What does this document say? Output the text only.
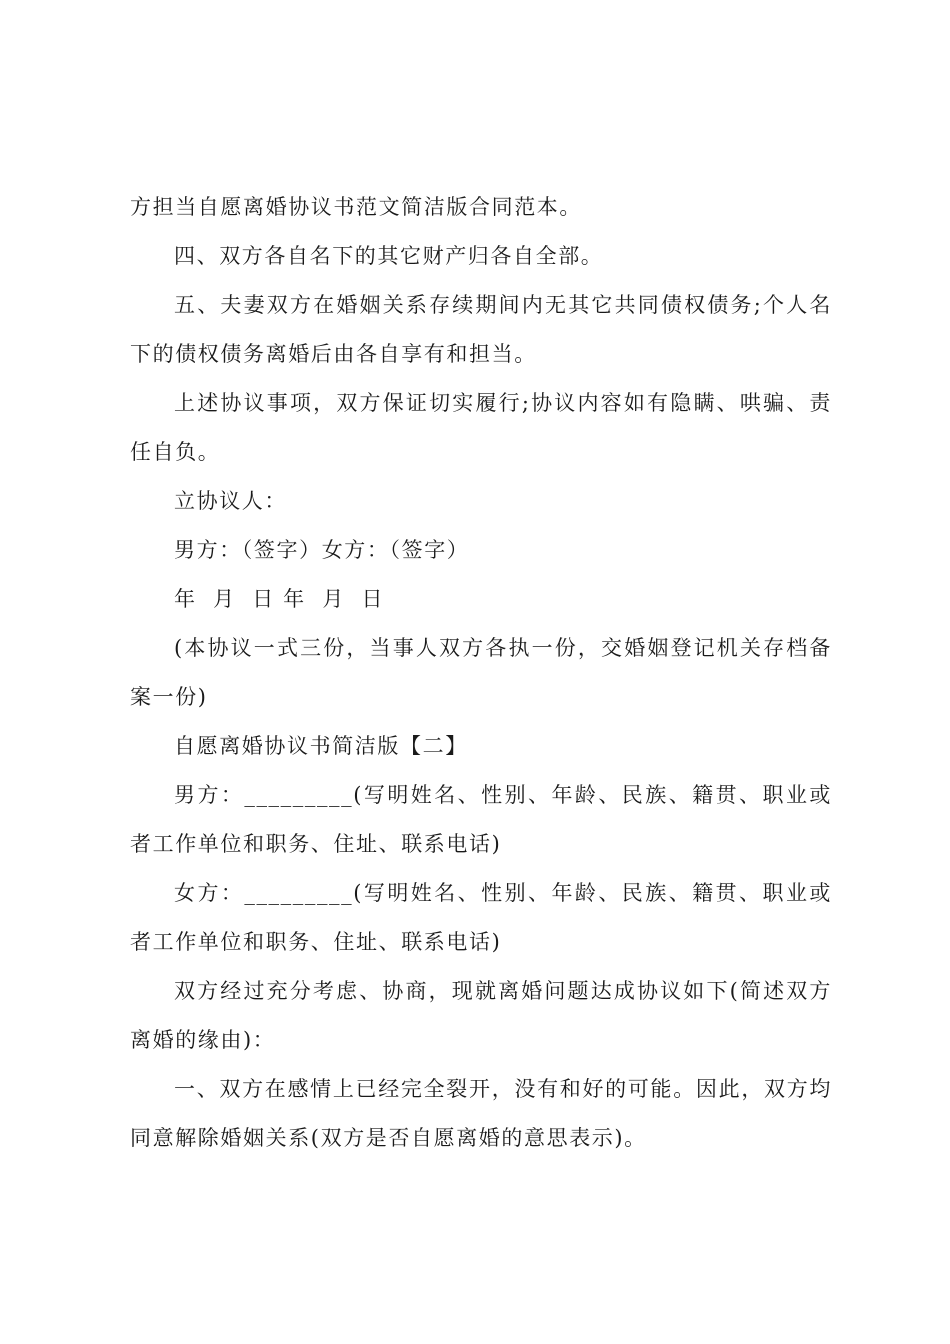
方担当自愿离婚协议书范文简洁版合同范本。

四、双方各自名下的其它财产归各自全部。

五、夫妻双方在婚姻关系存续期间内无其它共同债权债务;个人名下的债权债务离婚后由各自享有和担当。

上述协议事项，双方保证切实履行;协议内容如有隐瞒、哄骗、责任自负。

立协议人：

男方：（签字）女方：（签字）

年  月  日 年  月  日

(本协议一式三份，当事人双方各执一份，交婚姻登记机关存档备案一份)

自愿离婚协议书简洁版【二】

男方：_________(写明姓名、性别、年龄、民族、籍贯、职业或者工作单位和职务、住址、联系电话)

女方：_________(写明姓名、性别、年龄、民族、籍贯、职业或者工作单位和职务、住址、联系电话)

双方经过充分考虑、协商，现就离婚问题达成协议如下(简述双方离婚的缘由)：

一、双方在感情上已经完全裂开，没有和好的可能。因此，双方均同意解除婚姻关系(双方是否自愿离婚的意思表示)。
